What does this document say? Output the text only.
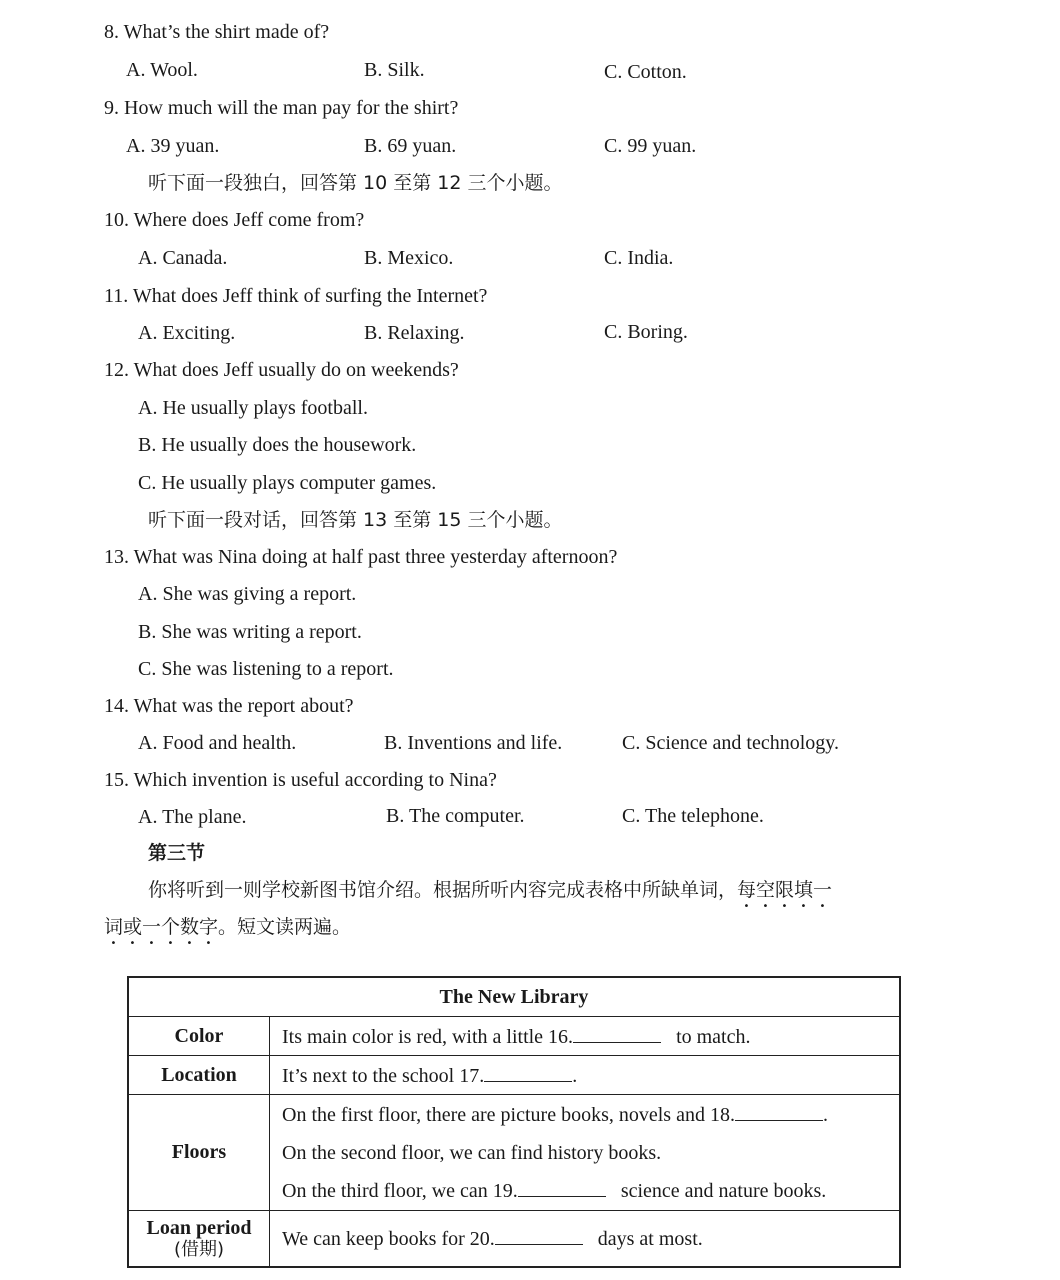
8. What’s the shirt made of?
A. Wool.	B. Silk.	C. Cotton.
9. How much will the man pay for the shirt?
A. 39 yuan.	B. 69 yuan.	C. 99 yuan.
听下面一段独白，回答第 10 至第 12 三个小题。
10. Where does Jeff come from?
A. Canada.	B. Mexico.	C. India.
11. What does Jeff think of surfing the Internet?
A. Exciting.	B. Relaxing.	C. Boring.
12. What does Jeff usually do on weekends?
A. He usually plays football.
B. He usually does the housework.
C. He usually plays computer games.
听下面一段对话，回答第 13 至第 15 三个小题。
13. What was Nina doing at half past three yesterday afternoon?
A. She was giving a report.
B. She was writing a report.
C. She was listening to a report.
14. What was the report about?
A. Food and health.	B. Inventions and life.	C. Science and technology.
15. Which invention is useful according to Nina?
A. The plane.	B. The computer.	C. The telephone.
第三节
你将听到一则学校新图书馆介绍。根据所听内容完成表格中所缺单词，每空限填一
词或一个数字。短文读两遍。
The New Library	
Color	Its main color is red, with a little 16. to match.
Location	It’s next to the school 17. .
Floors	On the first floor, there are picture books, novels and 18. .
On the second floor, we can find history books.
On the third floor, we can 19. science and nature books.

Loan period
(借期)	We can keep books for 20. days at most.
